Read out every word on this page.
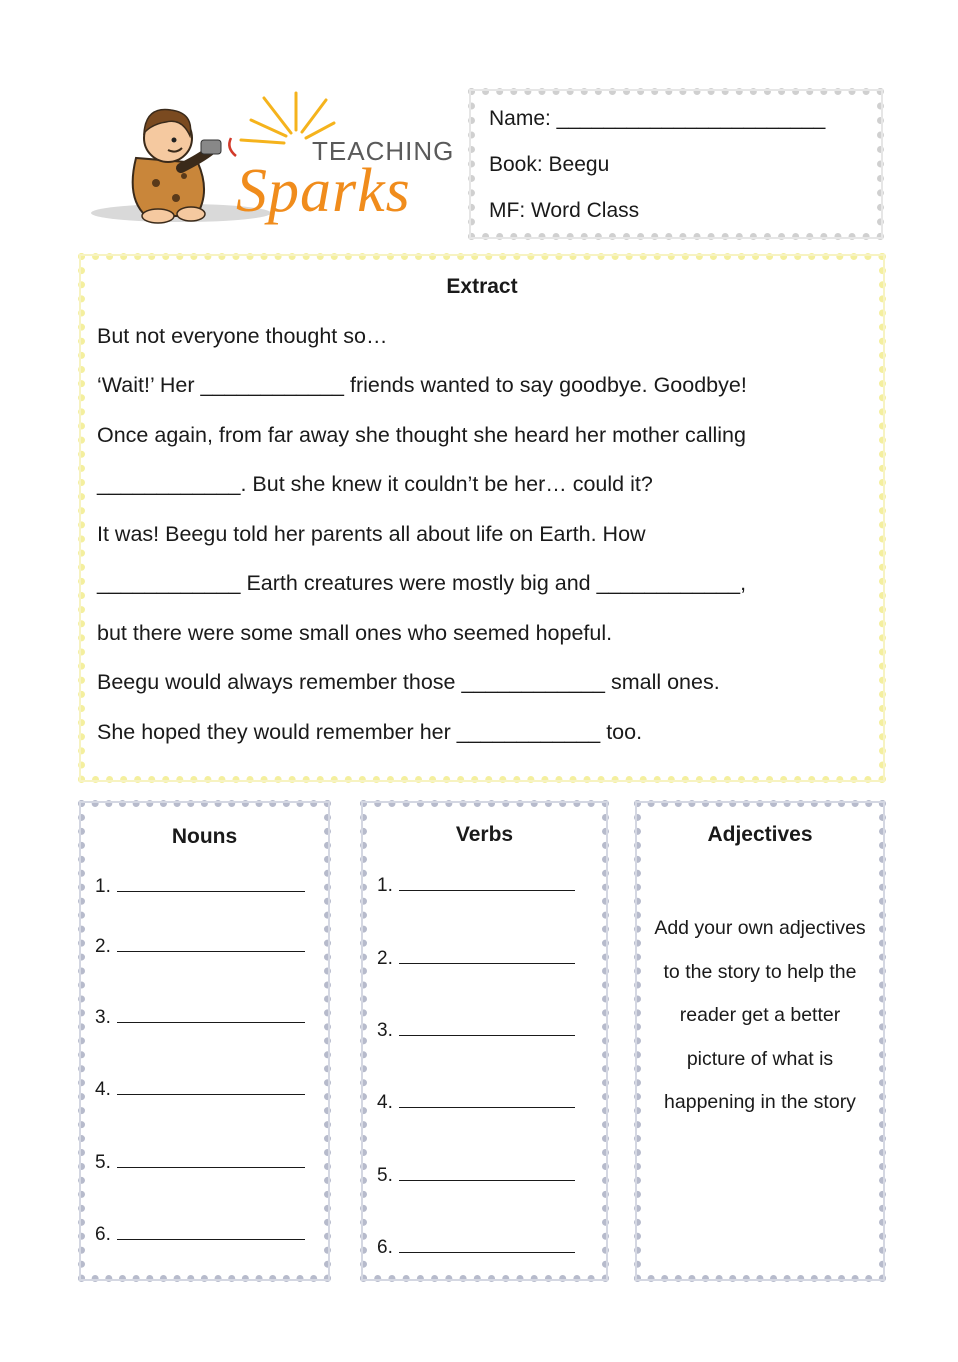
TEACHING
Sparks
Name: _______________________
Book: Beegu
MF: Word Class
Extract
But not everyone thought so…
‘Wait!’ Her ____________ friends wanted to say goodbye. Goodbye!
Once again, from far away she thought she heard her mother calling
____________. But she knew it couldn’t be her… could it?
It was! Beegu told her parents all about life on Earth. How
____________ Earth creatures were mostly big and ____________,
but there were some small ones who seemed hopeful.
Beegu would always remember those ____________ small ones.
She hoped they would remember her ____________ too.
Nouns
1.
2.
3.
4.
5.
6.
Verbs
1.
2.
3.
4.
5.
6.
Adjectives
Add your own adjectives to the story to help the reader get a better picture of what is happening in the story
